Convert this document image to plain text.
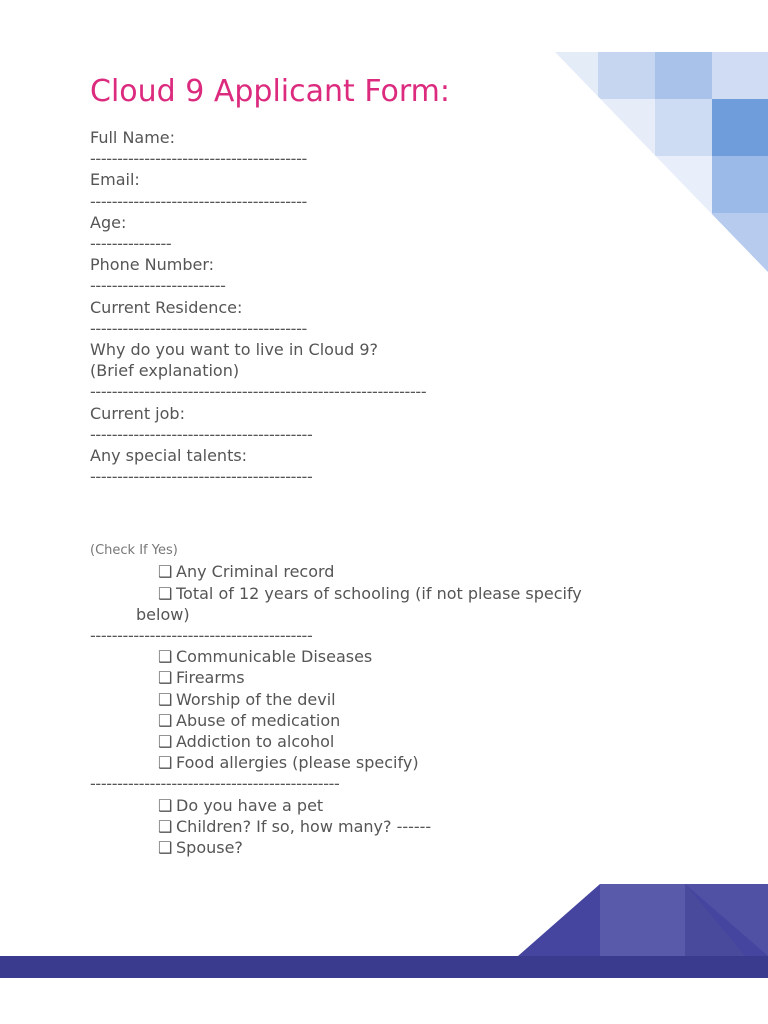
Cloud 9 Applicant Form:
Full Name:
----------------------------------------
Email:
----------------------------------------
Age:
---------------
Phone Number:
-------------------------
Current Residence:
----------------------------------------
Why do you want to live in Cloud 9?
(Brief explanation)
--------------------------------------------------------------
Current job:
-----------------------------------------
Any special talents:
-----------------------------------------
(Check If Yes)
❑ Any Criminal record
❑ Total of 12 years of schooling (if not please specify
below)
-----------------------------------------
❑ Communicable Diseases
❑ Firearms
❑ Worship of the devil
❑ Abuse of medication
❑ Addiction to alcohol
❑ Food allergies (please specify)
----------------------------------------------
❑ Do you have a pet
❑ Children? If so, how many? ------
❑ Spouse?
